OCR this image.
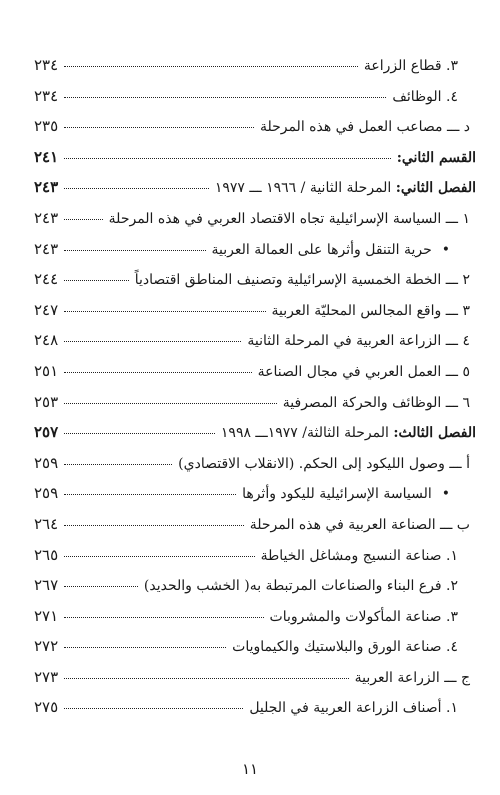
٣. قطاع الزراعة
٢٣٤
٤. الوظائف
٢٣٤
د ـــ مصاعب العمل في هذه المرحلة
٢٣٥
القسم الثاني:
٢٤١
الفصل الثاني: المرحلة الثانية / ١٩٦٦ ـــ ١٩٧٧
٢٤٣
١ ـــ السياسة الإسرائيلية تجاه الاقتصاد العربي في هذه المرحلة
٢٤٣
• حرية التنقل وأثرها على العمالة العربية
٢٤٣
٢ ـــ الخطة الخمسية الإسرائيلية وتصنيف المناطق اقتصادياً
٢٤٤
٣ ـــ واقع المجالس المحليّة العربية
٢٤٧
٤ ـــ الزراعة العربية في المرحلة الثانية
٢٤٨
٥ ـــ العمل العربي في مجال الصناعة
٢٥١
٦ ـــ الوظائف والحركة المصرفية
٢٥٣
الفصل الثالث: المرحلة الثالثة/ ١٩٧٧ـــ ١٩٩٨
٢٥٧
أ ـــ وصول الليكود إلى الحكم. (الانقلاب الاقتصادي)
٢٥٩
• السياسة الإسرائيلية لليكود وأثرها
٢٥٩
ب ـــ الصناعة العربية في هذه المرحلة
٢٦٤
١. صناعة النسيج ومشاغل الخياطة
٢٦٥
٢. فرع البناء والصناعات المرتبطة به( الخشب والحديد)
٢٦٧
٣. صناعة المأكولات والمشروبات
٢٧١
٤. صناعة الورق والبلاستيك والكيماويات
٢٧٢
ج ـــ الزراعة العربية
٢٧٣
١. أصناف الزراعة العربية في الجليل
٢٧٥
١١
